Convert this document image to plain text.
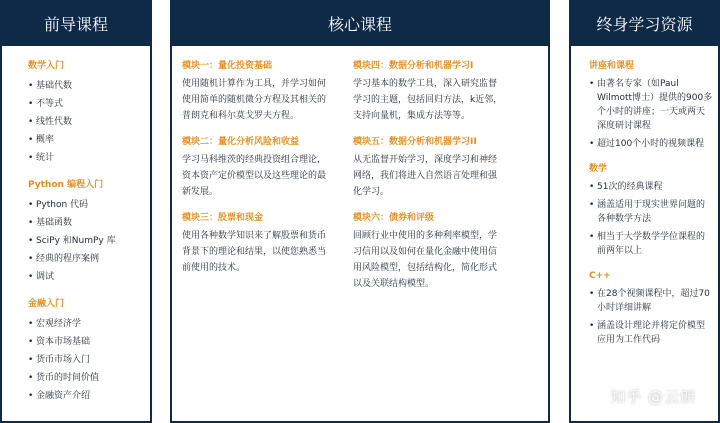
前导课程
数学入门
• 基础代数
• 不等式
• 线性代数
• 概率
• 统计
Python 编程入门
• Python 代码
• 基础函数
• SciPy 和NumPy 库
• 经典的程序案例
• 调试
金融入门
• 宏观经济学
• 资本市场基础
• 货币市场入门
• 货币的时间价值
• 金融资产介绍
核心课程
模块一：量化投资基础
使用随机计算作为工具，并学习如何使用简单的随机微分方程及其相关的普朗克和科尔莫戈罗夫方程。
模块二：量化分析风险和收益
学习马科维茨的经典投资组合理论，资本资产定价模型以及这些理论的最新发展。
模块三：股票和现金
使用各种数学知识来了解股票和货币背景下的理论和结果，以使您熟悉当前使用的技术。
模块四：数据分析和机器学习I
学习基本的数学工具，深入研究监督学习的主题，包括回归方法，k近邻，支持向量机，集成方法等等。
模块五：数据分析和机器学习II
从无监督开始学习，深度学习和神经网络，我们将进入自然语言处理和强化学习。
模块六：债券和评级
回顾行业中使用的多种利率模型，学习信用以及如何在量化金融中使用信用风险模型，包括结构化，简化形式以及关联结构模型。
终身学习资源
讲座和课程
• 由著名专家（如Paul Wilmott博士）提供的900多个小时的讲座；一天或两天深度研讨课程
• 超过100个小时的视频课程
数学
• 51次的经典课程
• 涵盖适用于现实世界问题的各种数学方法
• 相当于大学数学学位课程的前两年以上
C++
• 在28个视频课程中，超过70小时详细讲解
• 涵盖设计理论并将定价模型应用为工作代码
知乎 @云朗
